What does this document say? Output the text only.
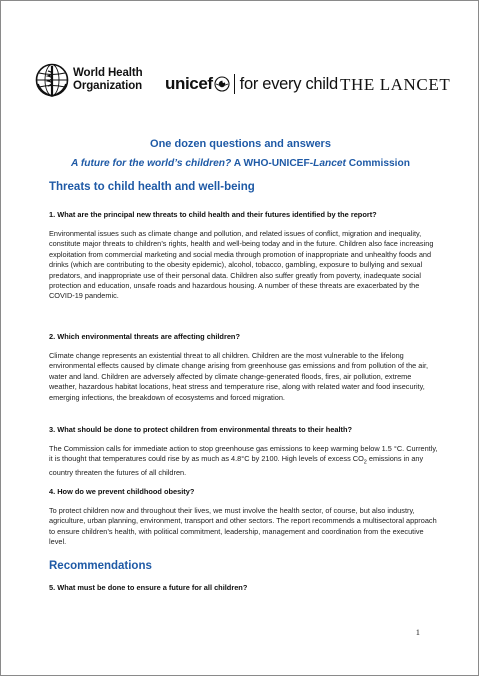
World Health
Organization unicef for every child THE LANCET
One dozen questions and answers
A future for the world’s children? A WHO-UNICEF-Lancet Commission
Threats to child health and well-being
1. What are the principal new threats to child health and their futures identified by the report?

Environmental issues such as climate change and pollution, and related issues of conflict, migration and inequality, constitute major threats to children’s rights, health and well-being today and in the future. Children also face increasing exploitation from commercial marketing and social media through promotion of inappropriate and unhealthy foods and drinks (which are contributing to the obesity epidemic), alcohol, tobacco, gambling, exposure to bullying and sexual predators, and inappropriate use of their personal data. Children also suffer greatly from poverty, inadequate social protection and education, unsafe roads and hazardous housing. A number of these threats are exacerbated by the COVID-19 pandemic.

2. Which environmental threats are affecting children?

Climate change represents an existential threat to all children. Children are the most vulnerable to the lifelong environmental effects caused by climate change arising from greenhouse gas emissions and from pollution of the air, water and land. Children are adversely affected by climate change-generated floods, fires, air pollution, extreme weather, hazardous habitat locations, heat stress and temperature rise, along with related water and food insecurity, emerging infections, the breakdown of ecosystems and forced migration.

3. What should be done to protect children from environmental threats to their health?

The Commission calls for immediate action to stop greenhouse gas emissions to keep warming below 1.5 °C. Currently, it is thought that temperatures could rise by as much as 4.8°C by 2100. High levels of excess $CO_2$ emissions in any country threaten the futures of all children.

4. How do we prevent childhood obesity?

To protect children now and throughout their lives, we must involve the health sector, of course, but also industry, agriculture, urban planning, environment, transport and other sectors. The report recommends a multisectoral approach to ensure children’s health, with political commitment, leadership, management and coordination from the executive level.

Recommendations
5. What must be done to ensure a future for all children?
1
